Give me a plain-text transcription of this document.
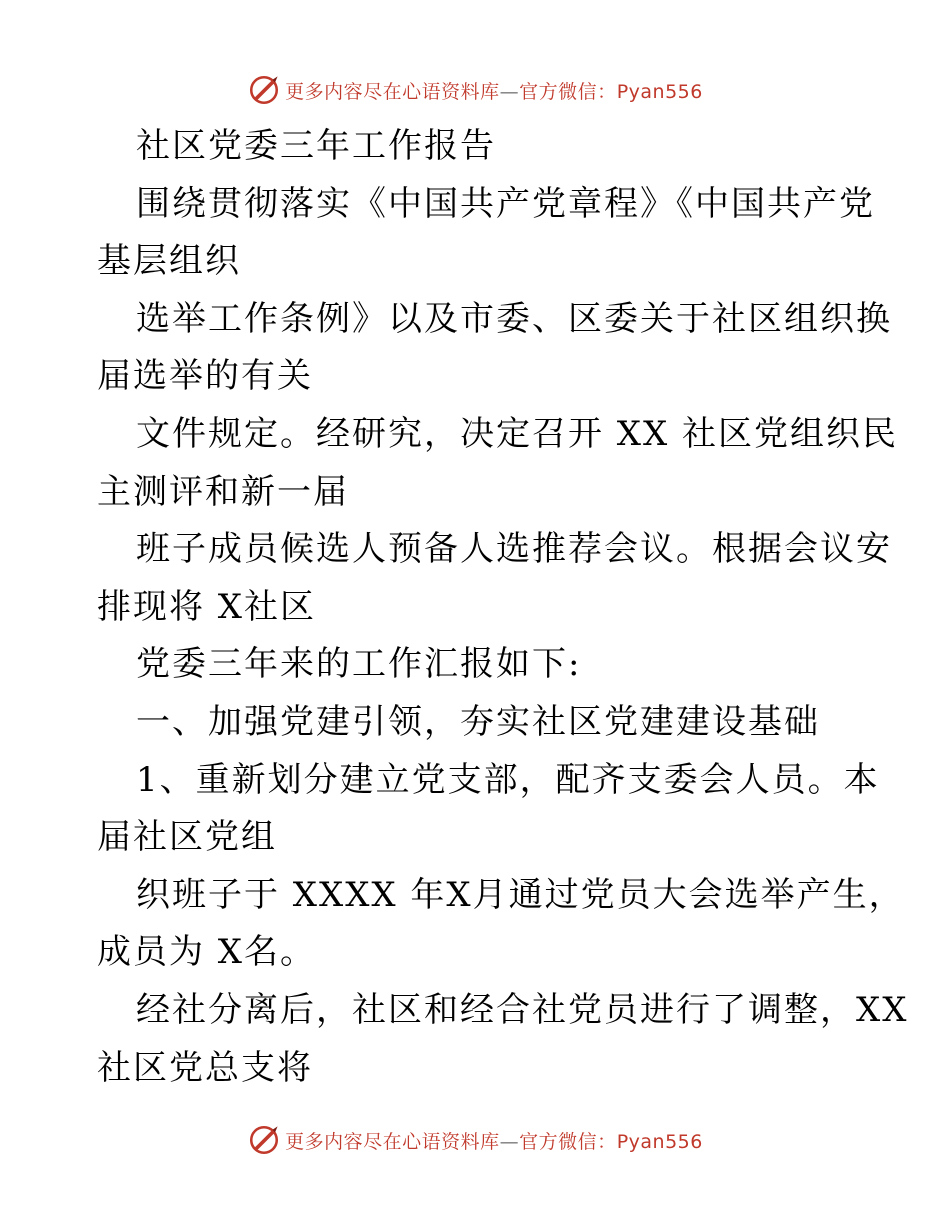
更多内容尽在心语资料库—官方微信：Pyan556
社区党委三年工作报告
围绕贯彻落实《中国共产党章程》《中国共产党
基层组织
选举工作条例》以及市委、区委关于社区组织换
届选举的有关
文件规定。经研究，决定召开 XX 社区党组织民
主测评和新一届
班子成员候选人预备人选推荐会议。根据会议安
排现将 X社区
党委三年来的工作汇报如下:
一、加强党建引领，夯实社区党建建设基础
1、重新划分建立党支部，配齐支委会人员。本
届社区党组
织班子于 XXXX 年X月通过党员大会选举产生，
成员为 X名。
经社分离后，社区和经合社党员进行了调整，XX
社区党总支将
更多内容尽在心语资料库—官方微信：Pyan556
